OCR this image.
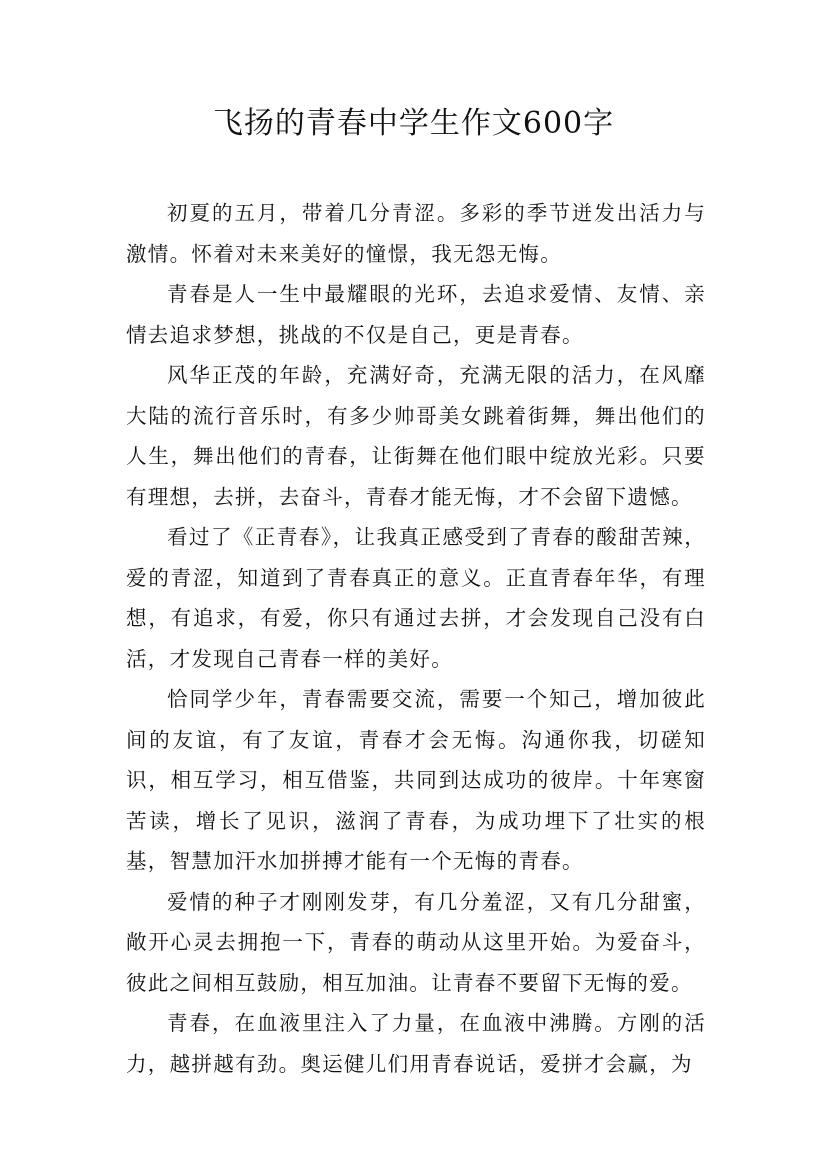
飞扬的青春中学生作文600字

初夏的五月，带着几分青涩。多彩的季节迸发出活力与激情。怀着对未来美好的憧憬，我无怨无悔。

青春是人一生中最耀眼的光环，去追求爱情、友情、亲情去追求梦想，挑战的不仅是自己，更是青春。

风华正茂的年龄，充满好奇，充满无限的活力，在风靡大陆的流行音乐时，有多少帅哥美女跳着街舞，舞出他们的人生，舞出他们的青春，让街舞在他们眼中绽放光彩。只要有理想，去拼，去奋斗，青春才能无悔，才不会留下遗憾。

看过了《正青春》，让我真正感受到了青春的酸甜苦辣，爱的青涩，知道到了青春真正的意义。正直青春年华，有理想，有追求，有爱，你只有通过去拼，才会发现自己没有白活，才发现自己青春一样的美好。

恰同学少年，青春需要交流，需要一个知己，增加彼此间的友谊，有了友谊，青春才会无悔。沟通你我，切磋知识，相互学习，相互借鉴，共同到达成功的彼岸。十年寒窗苦读，增长了见识，滋润了青春，为成功埋下了壮实的根基，智慧加汗水加拼搏才能有一个无悔的青春。

爱情的种子才刚刚发芽，有几分羞涩，又有几分甜蜜，敞开心灵去拥抱一下，青春的萌动从这里开始。为爱奋斗，彼此之间相互鼓励，相互加油。让青春不要留下无悔的爱。

青春，在血液里注入了力量，在血液中沸腾。方刚的活力，越拼越有劲。奥运健儿们用青春说话，爱拼才会赢，为
